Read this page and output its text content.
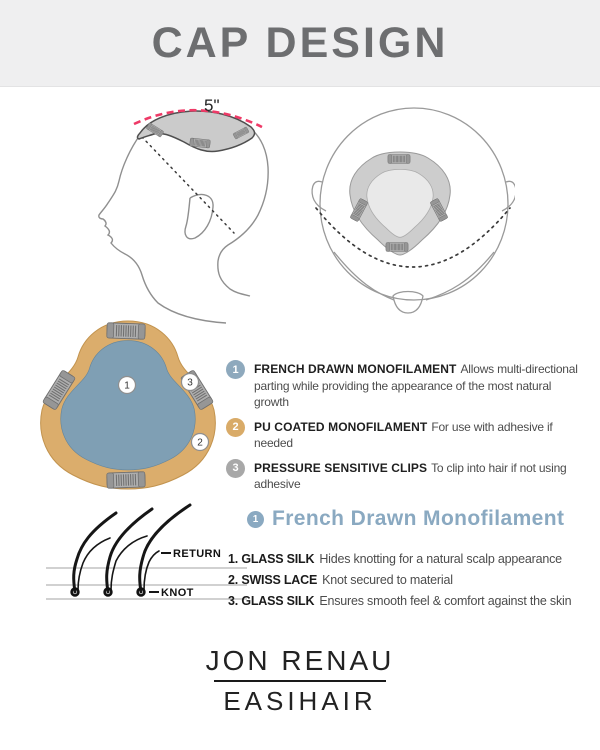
CAP DESIGN
5"
1	3
2
1	FRENCH DRAWN MONOFILAMENT Allows multi-directional parting while providing the appearance of the most natural growth

2	PU COATED MONOFILAMENT For use with adhesive if needed

3	PRESSURE SENSITIVE CLIPS To clip into hair if not using adhesive

RETURN
KNOT
1 French Drawn Monofilament
1. GLASS SILK Hides knotting for a natural scalp appearance
2. SWISS LACE Knot secured to material
3. GLASS SILK Ensures smooth feel & comfort against the skin
JON RENAU
EASIHAIR
